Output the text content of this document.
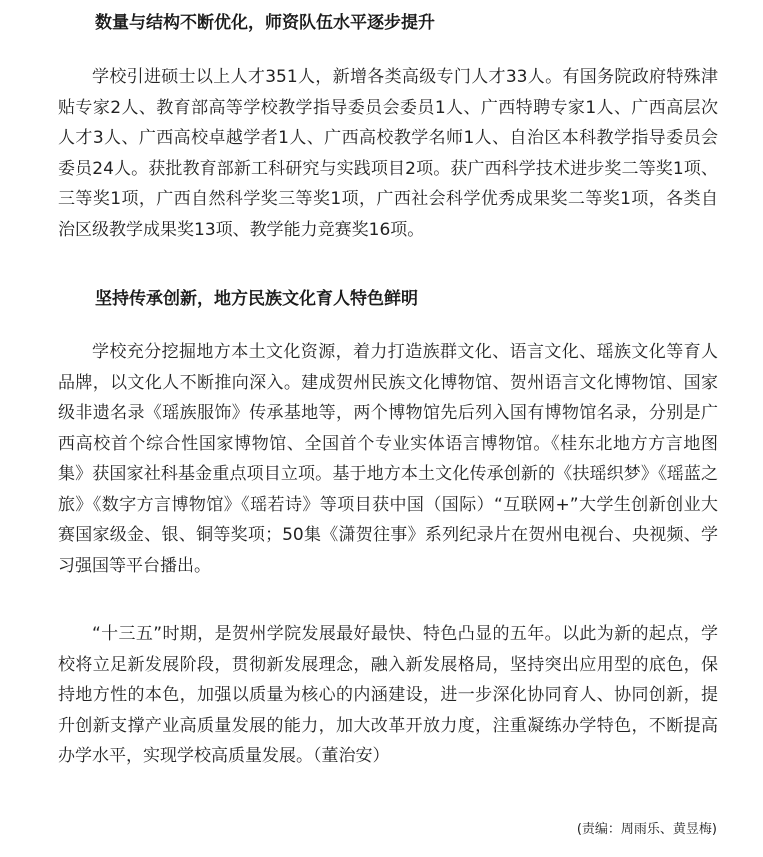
数量与结构不断优化，师资队伍水平逐步提升

学校引进硕士以上人才351人，新增各类高级专门人才33人。有国务院政府特殊津贴专家2人、教育部高等学校教学指导委员会委员1人、广西特聘专家1人、广西高层次人才3人、广西高校卓越学者1人、广西高校教学名师1人、自治区本科教学指导委员会委员24人。获批教育部新工科研究与实践项目2项。获广西科学技术进步奖二等奖1项、三等奖1项，广西自然科学奖三等奖1项，广西社会科学优秀成果奖二等奖1项，各类自治区级教学成果奖13项、教学能力竞赛奖16项。

坚持传承创新，地方民族文化育人特色鲜明

学校充分挖掘地方本土文化资源，着力打造族群文化、语言文化、瑶族文化等育人品牌，以文化人不断推向深入。建成贺州民族文化博物馆、贺州语言文化博物馆、国家级非遗名录《瑶族服饰》传承基地等，两个博物馆先后列入国有博物馆名录，分别是广西高校首个综合性国家博物馆、全国首个专业实体语言博物馆。《桂东北地方方言地图集》获国家社科基金重点项目立项。基于地方本土文化传承创新的《扶瑶织梦》《瑶蓝之旅》《数字方言博物馆》《瑶若诗》等项目获中国（国际）“互联网+”大学生创新创业大赛国家级金、银、铜等奖项；50集《潇贺往事》系列纪录片在贺州电视台、央视频、学习强国等平台播出。

“十三五”时期，是贺州学院发展最好最快、特色凸显的五年。以此为新的起点，学校将立足新发展阶段，贯彻新发展理念，融入新发展格局，坚持突出应用型的底色，保持地方性的本色，加强以质量为核心的内涵建设，进一步深化协同育人、协同创新，提升创新支撑产业高质量发展的能力，加大改革开放力度，注重凝练办学特色，不断提高办学水平，实现学校高质量发展。（董治安）

(责编：周雨乐、黄昱梅)
